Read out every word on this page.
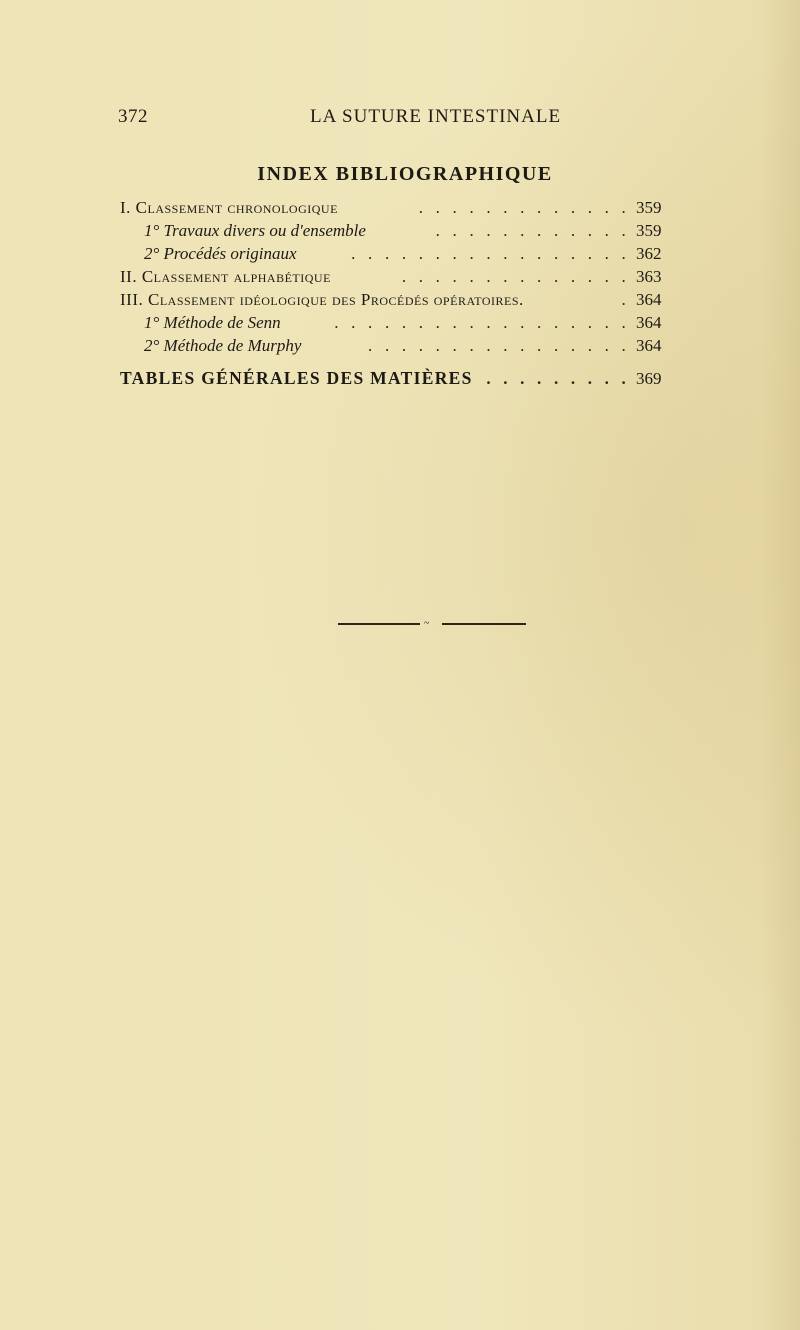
372	LA SUTURE INTESTINALE
INDEX BIBLIOGRAPHIQUE
I. Classement chronologique	. . . . . . . . . . . . . 359
1° Travaux divers ou d'ensemble	. . . . . . . . . . . . 359
2° Procédés originaux	. . . . . . . . . . . . . . . . . 362
II. Classement alphabétique	. . . . . . . . . . . . . . 363
III. Classement idéologique des Procédés opératoires.	. 364
1° Méthode de Senn	. . . . . . . . . . . . . . . . . . 364
2° Méthode de Murphy	. . . . . . . . . . . . . . . . 364
TABLES GÉNÉRALES DES MATIÈRES . . . . . . . . . 369
~
